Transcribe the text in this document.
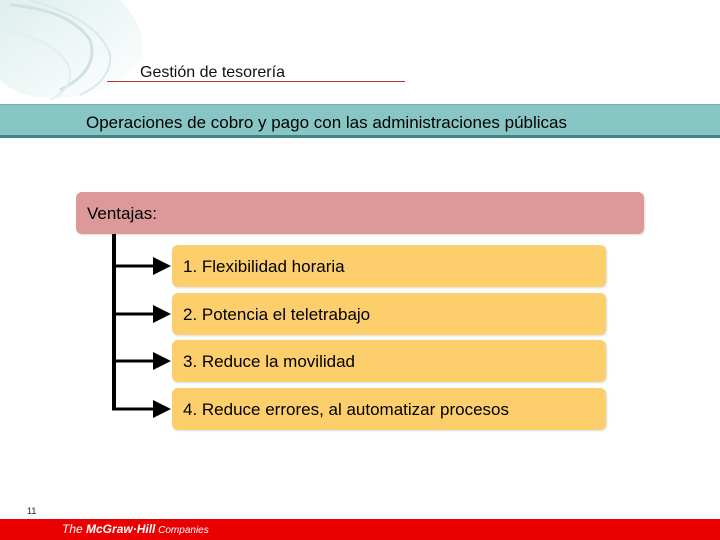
Gestión de tesorería
Operaciones de cobro y pago con las administraciones públicas
Ventajas:
1. Flexibilidad horaria
2. Potencia el teletrabajo
3. Reduce la movilidad
4. Reduce errores, al automatizar procesos
11
The McGraw·Hill Companies
